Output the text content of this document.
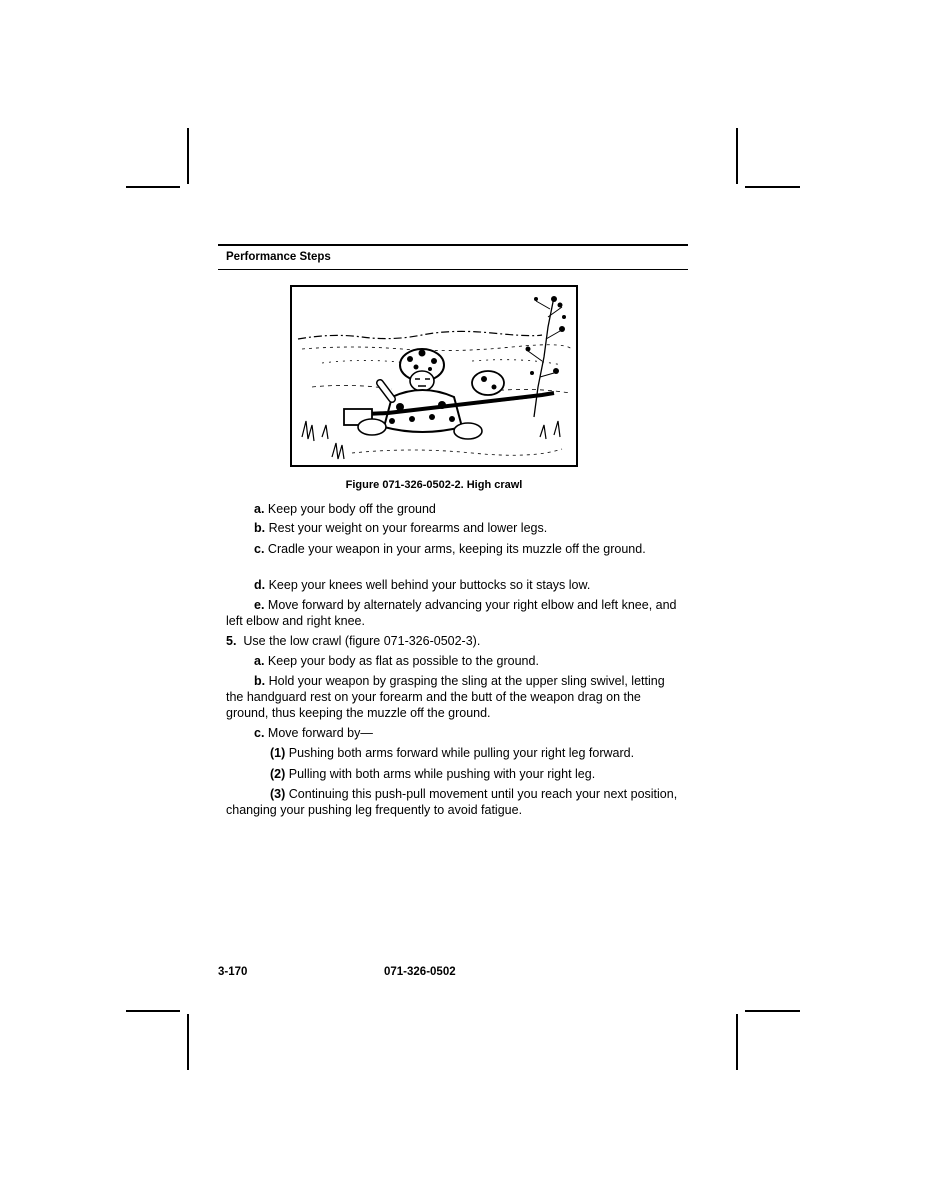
Performance Steps
Figure 071-326-0502-2. High crawl
a. Keep your body off the ground
b. Rest your weight on your forearms and lower legs.
c. Cradle your weapon in your arms, keeping its muzzle off the ground.
d. Keep your knees well behind your buttocks so it stays low.
e. Move forward by alternately advancing your right elbow and left knee, and left elbow and right knee.
5. Use the low crawl (figure 071-326-0502-3).
a. Keep your body as flat as possible to the ground.
b. Hold your weapon by grasping the sling at the upper sling swivel, letting the handguard rest on your forearm and the butt of the weapon drag on the ground, thus keeping the muzzle off the ground.
c. Move forward by—
(1) Pushing both arms forward while pulling your right leg forward.
(2) Pulling with both arms while pushing with your right leg.
(3) Continuing this push-pull movement until you reach your next position, changing your pushing leg frequently to avoid fatigue.
3-170	071-326-0502
